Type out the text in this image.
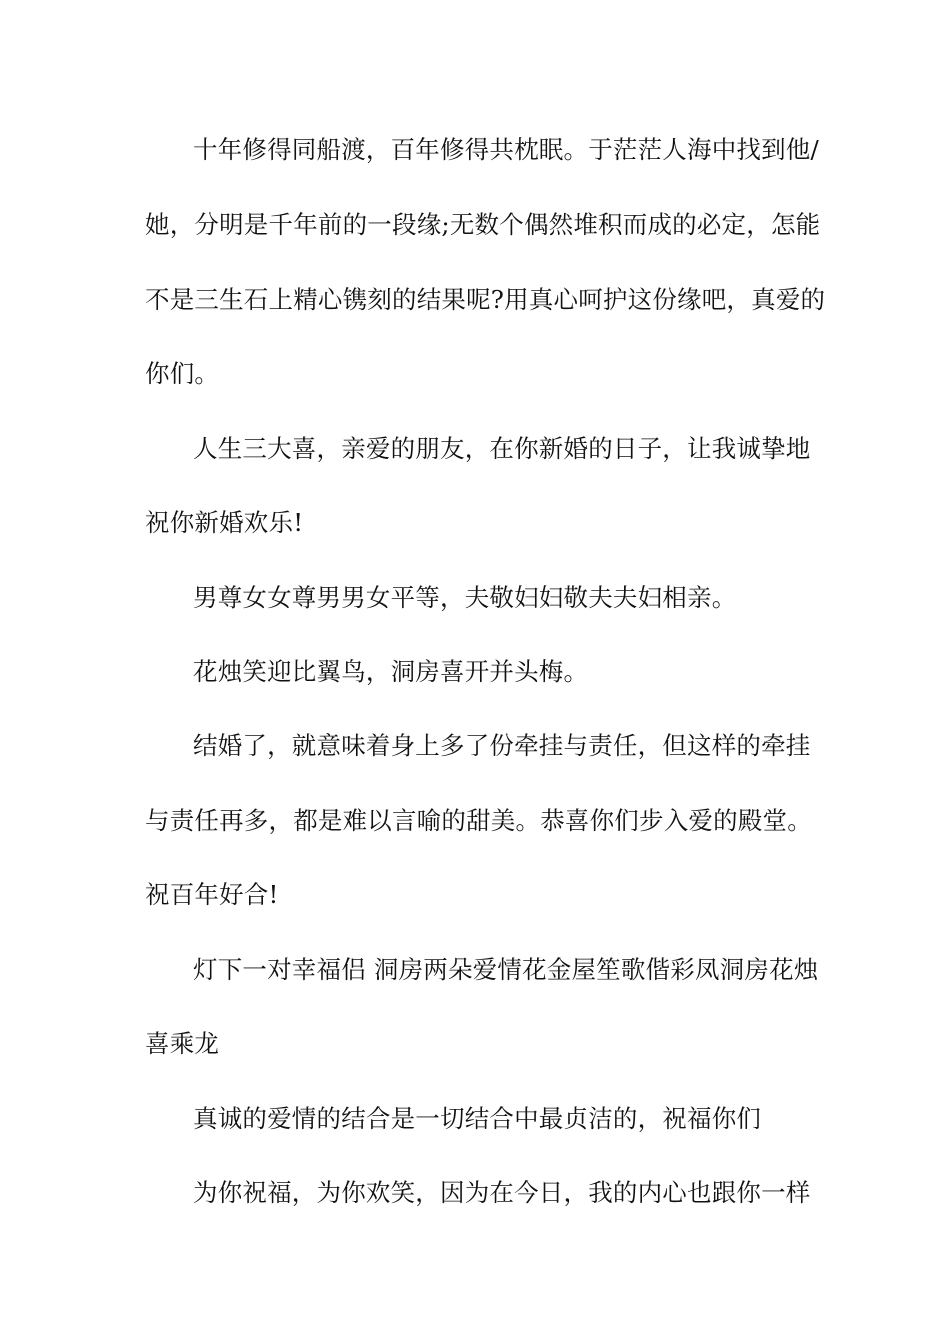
十年修得同船渡，百年修得共枕眠。于茫茫人海中找到他/

她，分明是千年前的一段缘;无数个偶然堆积而成的必定，怎能

不是三生石上精心镌刻的结果呢?用真心呵护这份缘吧，真爱的

你们。

人生三大喜，亲爱的朋友，在你新婚的日子，让我诚挚地

祝你新婚欢乐!

男尊女女尊男男女平等，夫敬妇妇敬夫夫妇相亲。

花烛笑迎比翼鸟，洞房喜开并头梅。

结婚了，就意味着身上多了份牵挂与责任，但这样的牵挂

与责任再多，都是难以言喻的甜美。恭喜你们步入爱的殿堂。

祝百年好合!

灯下一对幸福侣 洞房两朵爱情花金屋笙歌偕彩凤洞房花烛

喜乘龙

真诚的爱情的结合是一切结合中最贞洁的，祝福你们

为你祝福，为你欢笑，因为在今日，我的内心也跟你一样
